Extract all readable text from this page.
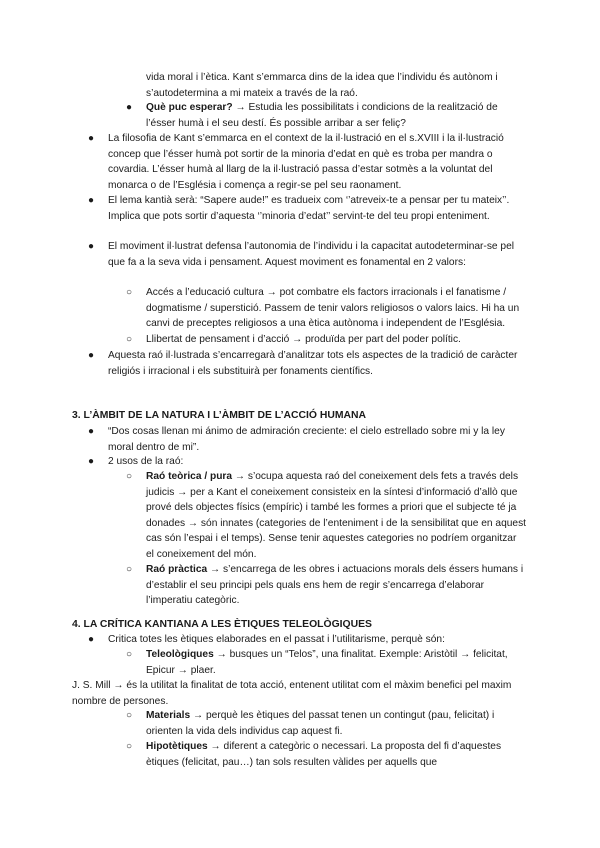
vida moral i l’ètica. Kant s’emmarca dins de la idea que l’individu és autònom i s’autodetermina a mi mateix a través de la raó.
● Què puc esperar? → Estudia les possibilitats i condicions de la realització de l’ésser humà i el seu destí. És possible arribar a ser feliç?
● La filosofia de Kant s’emmarca en el context de la il·lustració en el s.XVIII i la il·lustració concep que l’ésser humà pot sortir de la minoria d’edat en què es troba per mandra o covardia. L’ésser humà al llarg de la il·lustració passa d’estar sotmès a la voluntat del monarca o de l’Església i comença a regir-se pel seu raonament.
● El lema kantià serà: “Sapere aude!” es tradueix com ‘’atreveix-te a pensar per tu mateix’’. Implica que pots sortir d’aquesta ‘’minoria d’edat’’ servint-te del teu propi enteniment.
● El moviment il·lustrat defensa l’autonomia de l’individu i la capacitat autodeterminar-se pel que fa a la seva vida i pensament. Aquest moviment es fonamental en 2 valors:
○ Accés a l’educació cultura → pot combatre els factors irracionals i el fanatisme / dogmatisme / superstició. Passem de tenir valors religiosos o valors laics. Hi ha un canvi de preceptes religiosos a una ètica autònoma i independent de l’Església.
○ Llibertat de pensament i d’acció → produïda per part del poder polític.
● Aquesta raó il·lustrada s’encarregarà d’analitzar tots els aspectes de la tradició de caràcter religiós i irracional i els substituirà per fonaments científics.
3. L’ÀMBIT DE LA NATURA I L’ÀMBIT DE L’ACCIÓ HUMANA
● “Dos cosas llenan mi ánimo de admiración creciente: el cielo estrellado sobre mi y la ley moral dentro de mi”.
● 2 usos de la raó:
○ Raó teòrica / pura → s’ocupa aquesta raó del coneixement dels fets a través dels judicis → per a Kant el coneixement consisteix en la síntesi d’informació d’allò que prové dels objectes físics (empíric) i també les formes a priori que el subjecte té ja donades → són innates (categories de l’enteniment i de la sensibilitat que en aquest cas són l’espai i el temps). Sense tenir aquestes categories no podríem organitzar el coneixement del món.
○ Raó pràctica → s’encarrega de les obres i actuacions morals dels éssers humans i d’establir el seu principi pels quals ens hem de regir s’encarrega d’elaborar l’imperatiu categòric.
4. LA CRÍTICA KANTIANA A LES ÈTIQUES TELEOLÒGIQUES
● Critica totes les ètiques elaborades en el passat i l’utilitarisme, perquè són:
○ Teleològiques → busques un “Telos”, una finalitat. Exemple: Aristòtil → felicitat, Epicur → plaer.
J. S. Mill → és la utilitat la finalitat de tota acció, entenent utilitat com el màxim benefici pel maxim nombre de persones.
○ Materials → perquè les ètiques del passat tenen un contingut (pau, felicitat) i orienten la vida dels individus cap aquest fi.
○ Hipotètiques → diferent a categòric o necessari. La proposta del fi d’aquestes ètiques (felicitat, pau…) tan sols resulten vàlides per aquells que
